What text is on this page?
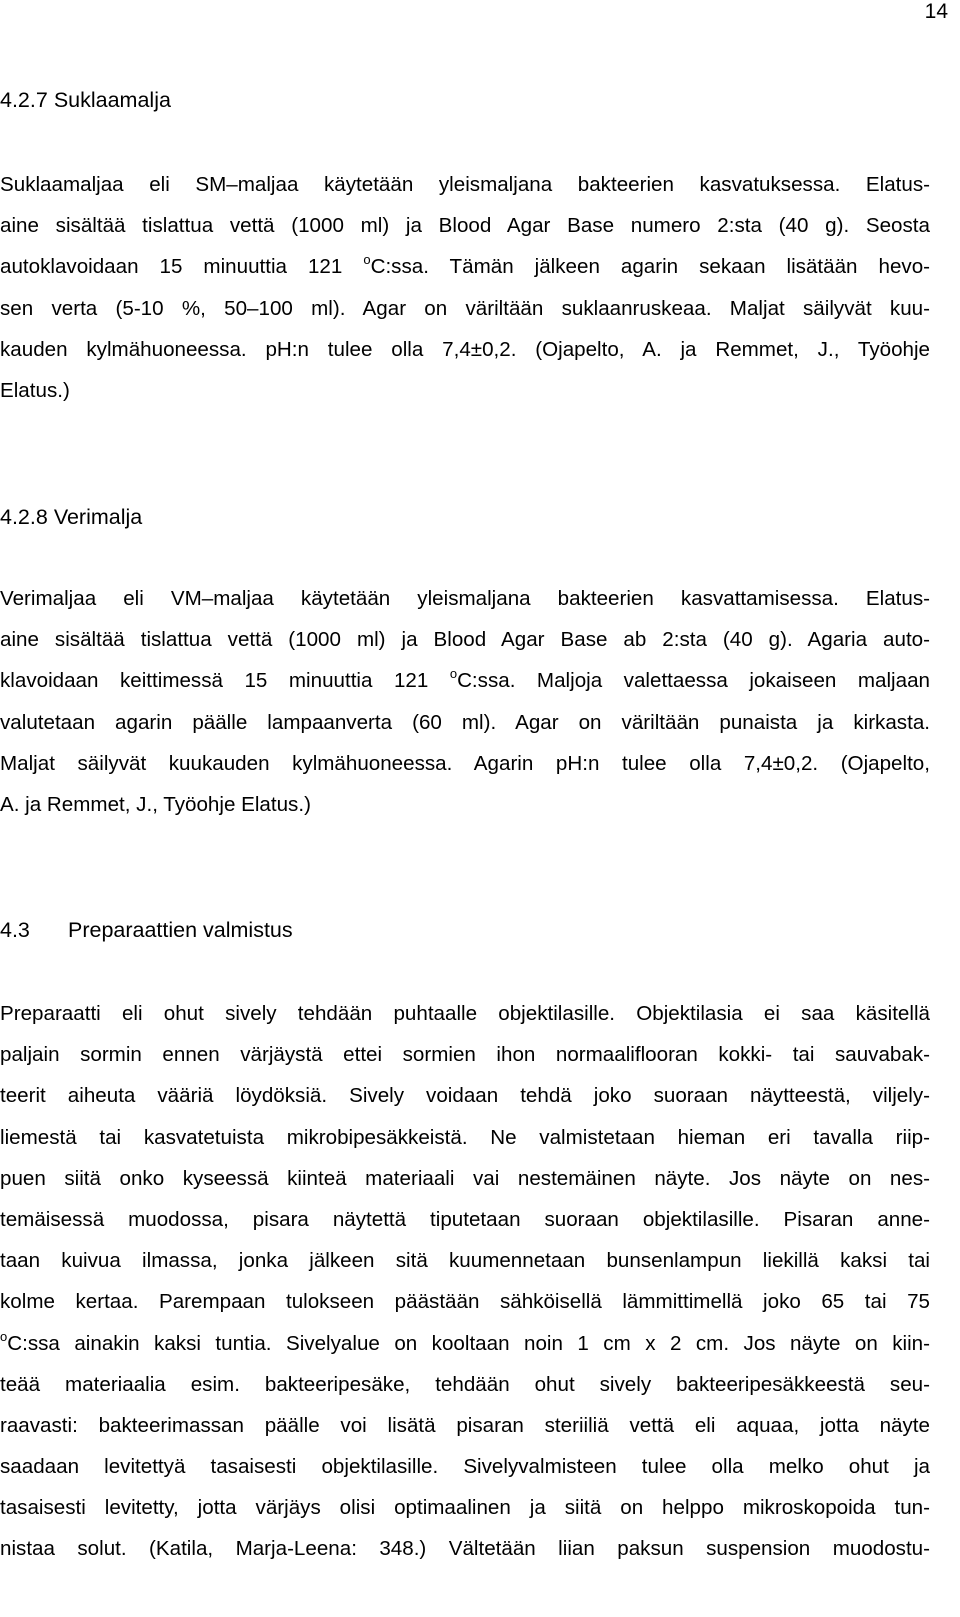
14
4.2.7 Suklaamalja
Suklaamaljaa eli SM–maljaa käytetään yleismaljana bakteerien kasvatuksessa. Elatus-
aine sisältää tislattua vettä (1000 ml) ja Blood Agar Base numero 2:sta (40 g). Seosta
autoklavoidaan 15 minuuttia 121 $^o$C:ssa. Tämän jälkeen agarin sekaan lisätään hevo-
sen verta (5-10 %, 50–100 ml). Agar on väriltään suklaanruskeaa. Maljat säilyvät kuu-
kauden kylmähuoneessa. pH:n tulee olla 7,4±0,2. (Ojapelto, A. ja Remmet, J., Työohje
Elatus.)
4.2.8 Verimalja
Verimaljaa eli VM–maljaa käytetään yleismaljana bakteerien kasvattamisessa. Elatus-
aine sisältää tislattua vettä (1000 ml) ja Blood Agar Base ab 2:sta (40 g). Agaria auto-
klavoidaan keittimessä 15 minuuttia 121 $^o$C:ssa. Maljoja valettaessa jokaiseen maljaan
valutetaan agarin päälle lampaanverta (60 ml). Agar on väriltään punaista ja kirkasta.
Maljat säilyvät kuukauden kylmähuoneessa. Agarin pH:n tulee olla 7,4±0,2. (Ojapelto,
A. ja Remmet, J., Työohje Elatus.)
4.3 Preparaattien valmistus
Preparaatti eli ohut sively tehdään puhtaalle objektilasille. Objektilasia ei saa käsitellä
paljain sormin ennen värjäystä ettei sormien ihon normaaliflooran kokki- tai sauvabak-
teerit aiheuta vääriä löydöksiä. Sively voidaan tehdä joko suoraan näytteestä, viljely-
liemestä tai kasvatetuista mikrobipesäkkeistä. Ne valmistetaan hieman eri tavalla riip-
puen siitä onko kyseessä kiinteä materiaali vai nestemäinen näyte. Jos näyte on nes-
temäisessä muodossa, pisara näytettä tiputetaan suoraan objektilasille. Pisaran anne-
taan kuivua ilmassa, jonka jälkeen sitä kuumennetaan bunsenlampun liekillä kaksi tai
kolme kertaa. Parempaan tulokseen päästään sähköisellä lämmittimellä joko 65 tai 75
$^o$C:ssa ainakin kaksi tuntia. Sivelyalue on kooltaan noin 1 cm x 2 cm. Jos näyte on kiin-
teää materiaalia esim. bakteeripesäke, tehdään ohut sively bakteeripesäkkeestä seu-
raavasti: bakteerimassan päälle voi lisätä pisaran steriiliä vettä eli aquaa, jotta näyte
saadaan levitettyä tasaisesti objektilasille. Sivelyvalmisteen tulee olla melko ohut ja
tasaisesti levitetty, jotta värjäys olisi optimaalinen ja siitä on helppo mikroskopoida tun-
nistaa solut. (Katila, Marja-Leena: 348.) Vältetään liian paksun suspension muodostu-
